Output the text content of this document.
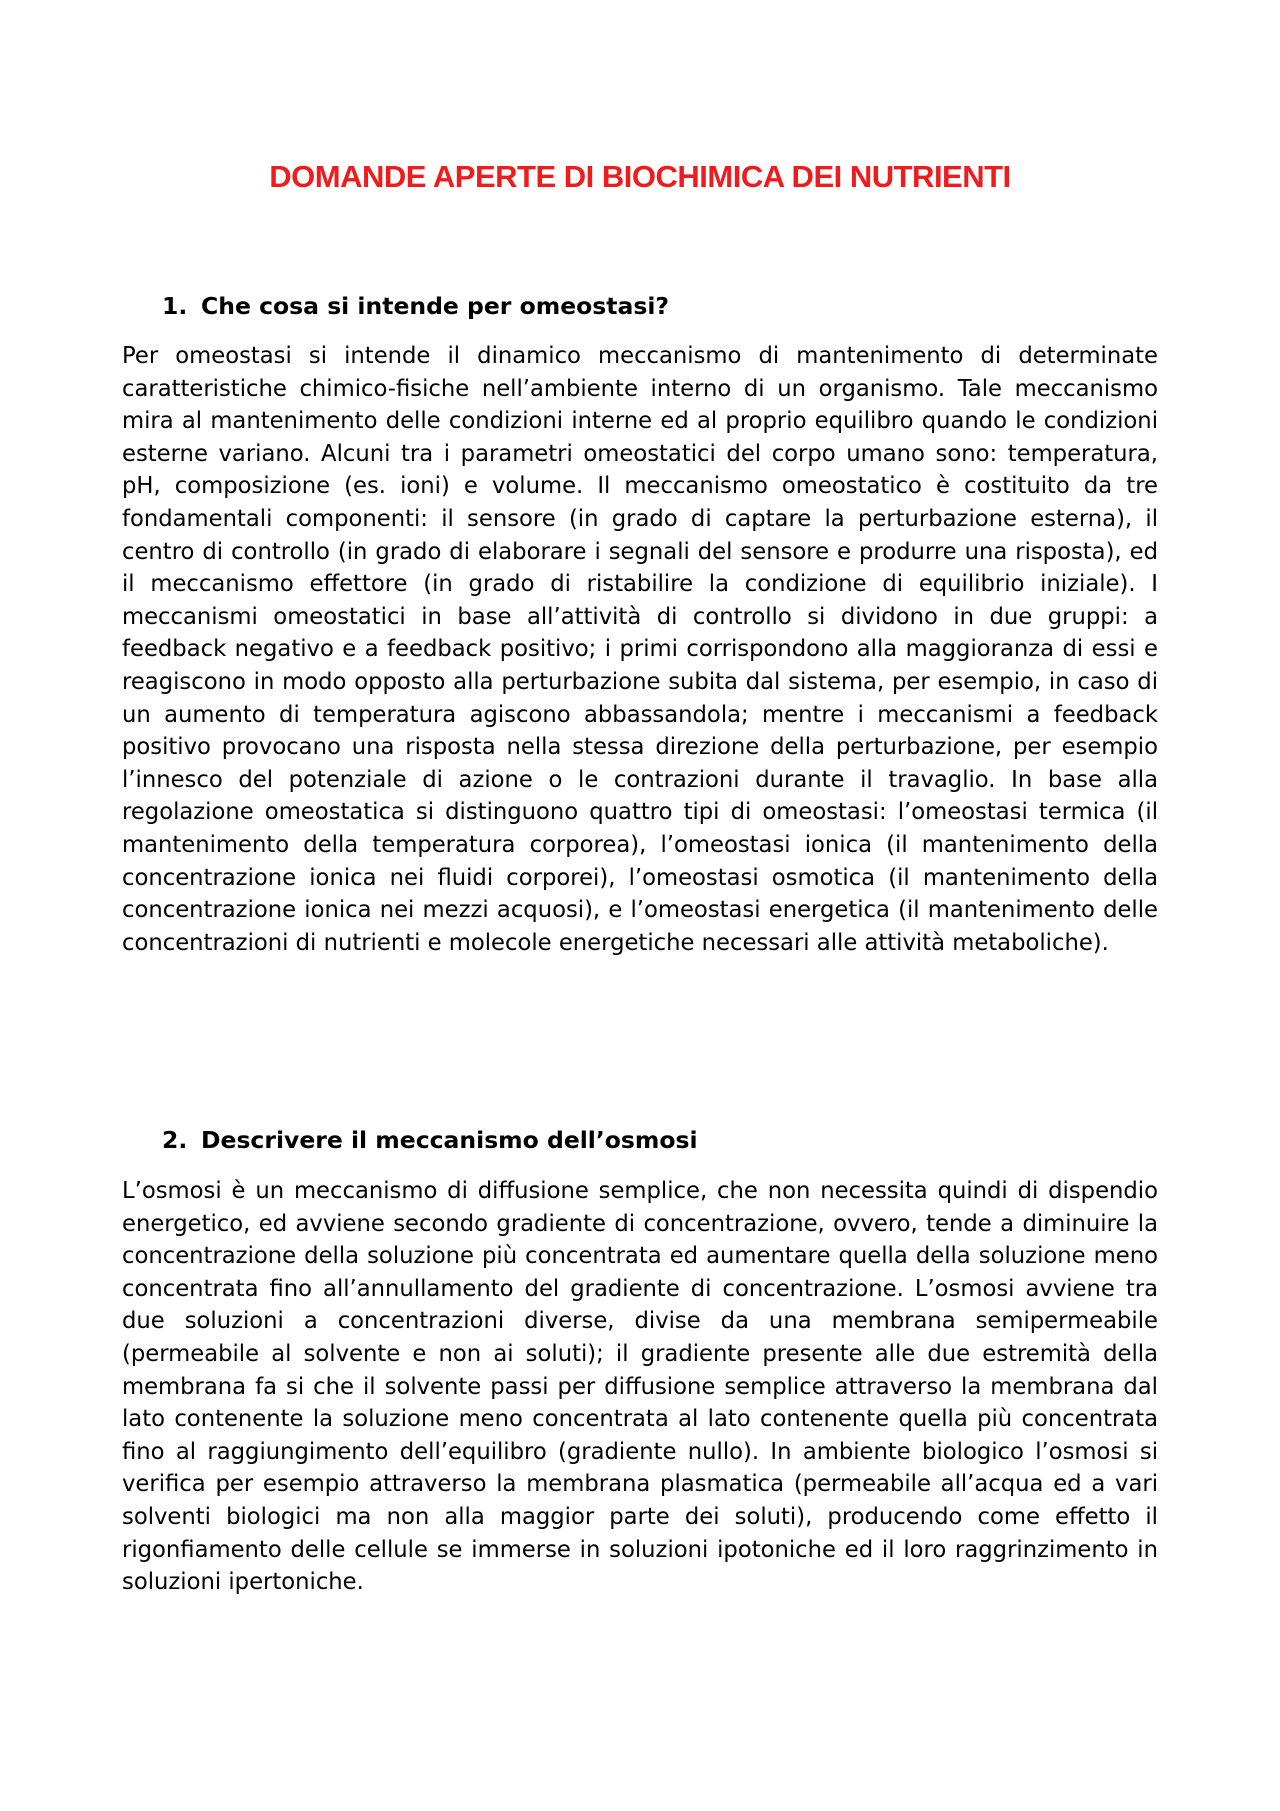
DOMANDE APERTE DI BIOCHIMICA DEI NUTRIENTI
1. Che cosa si intende per omeostasi?

Per omeostasi si intende il dinamico meccanismo di mantenimento di determinate caratteristiche chimico-fisiche nell’ambiente interno di un organismo. Tale meccanismo mira al mantenimento delle condizioni interne ed al proprio equilibro quando le condizioni esterne variano. Alcuni tra i parametri omeostatici del corpo umano sono: temperatura, pH, composizione (es. ioni) e volume. Il meccanismo omeostatico è costituito da tre fondamentali componenti: il sensore (in grado di captare la perturbazione esterna), il centro di controllo (in grado di elaborare i segnali del sensore e produrre una risposta), ed il meccanismo effettore (in grado di ristabilire la condizione di equilibrio iniziale). I meccanismi omeostatici in base all’attività di controllo si dividono in due gruppi: a feedback negativo e a feedback positivo; i primi corrispondono alla maggioranza di essi e reagiscono in modo opposto alla perturbazione subita dal sistema, per esempio, in caso di un aumento di temperatura agiscono abbassandola; mentre i meccanismi a feedback positivo provocano una risposta nella stessa direzione della perturbazione, per esempio l’innesco del potenziale di azione o le contrazioni durante il travaglio. In base alla regolazione omeostatica si distinguono quattro tipi di omeostasi: l’omeostasi termica (il mantenimento della temperatura corporea), l’omeostasi ionica (il mantenimento della concentrazione ionica nei fluidi corporei), l’omeostasi osmotica (il mantenimento della concentrazione ionica nei mezzi acquosi), e l’omeostasi energetica (il mantenimento delle concentrazioni di nutrienti e molecole energetiche necessari alle attività metaboliche).

2. Descrivere il meccanismo dell’osmosi

L’osmosi è un meccanismo di diffusione semplice, che non necessita quindi di dispendio energetico, ed avviene secondo gradiente di concentrazione, ovvero, tende a diminuire la concentrazione della soluzione più concentrata ed aumentare quella della soluzione meno concentrata fino all’annullamento del gradiente di concentrazione. L’osmosi avviene tra due soluzioni a concentrazioni diverse, divise da una membrana semipermeabile (permeabile al solvente e non ai soluti); il gradiente presente alle due estremità della membrana fa si che il solvente passi per diffusione semplice attraverso la membrana dal lato contenente la soluzione meno concentrata al lato contenente quella più concentrata fino al raggiungimento dell’equilibro (gradiente nullo). In ambiente biologico l’osmosi si verifica per esempio attraverso la membrana plasmatica (permeabile all’acqua ed a vari solventi biologici ma non alla maggior parte dei soluti), producendo come effetto il rigonfiamento delle cellule se immerse in soluzioni ipotoniche ed il loro raggrinzimento in soluzioni ipertoniche.
